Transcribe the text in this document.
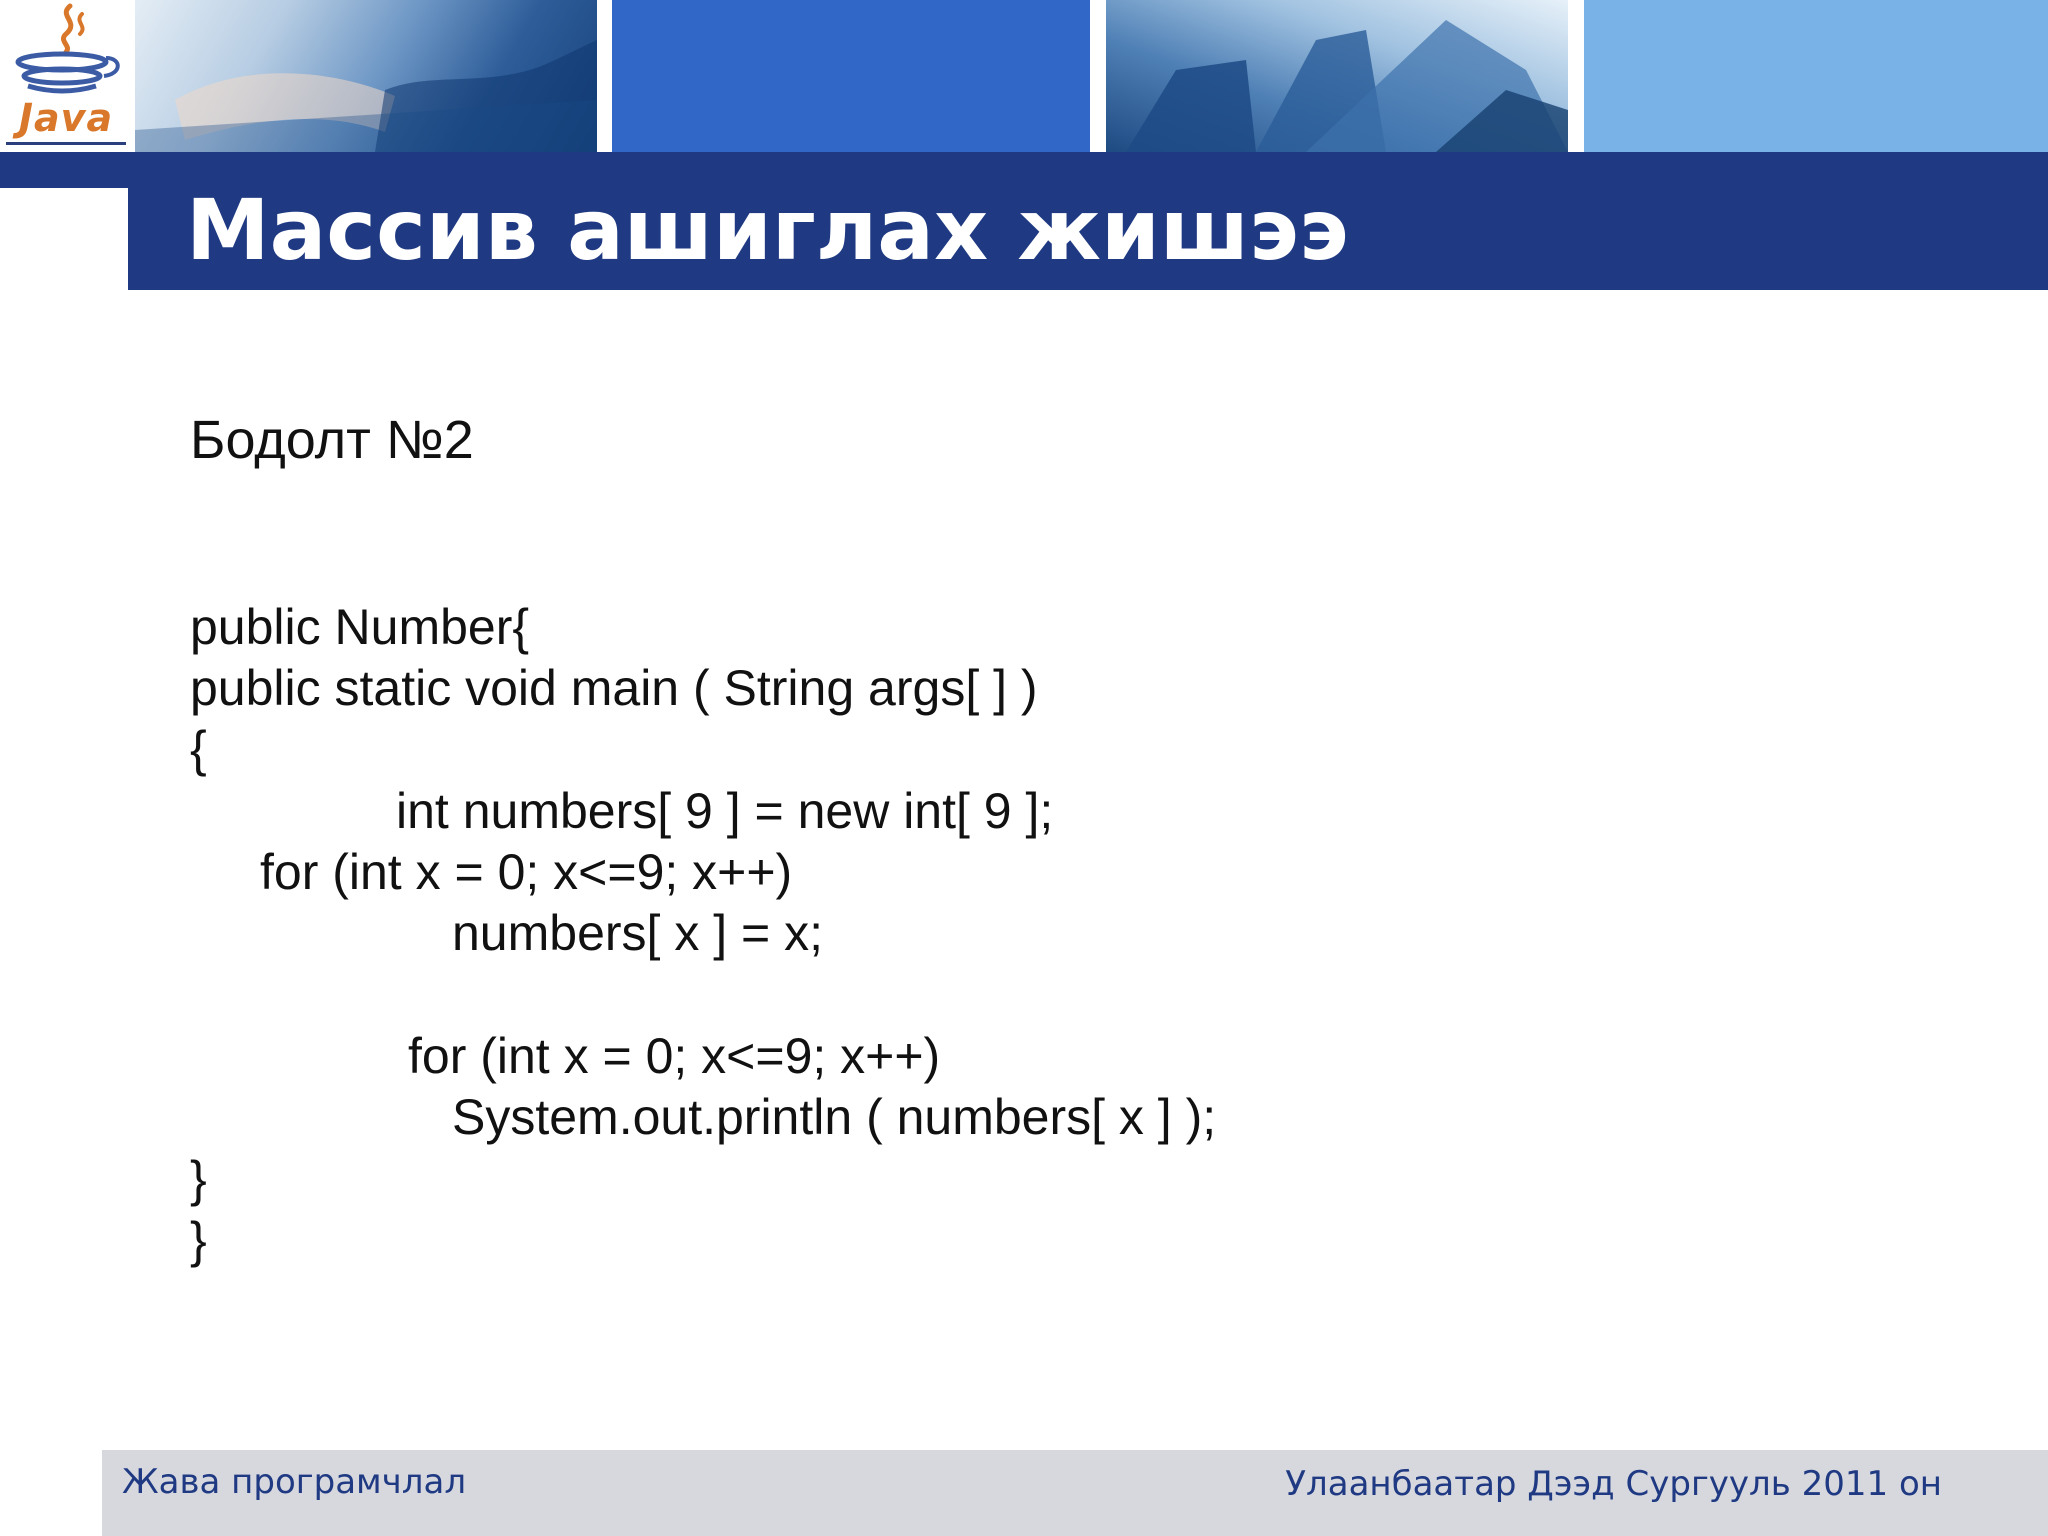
Java
Массив ашиглах жишээ
Бодолт №2
public Number{
public static void main ( String args[ ] )
{
int numbers[ 9 ] = new int[ 9 ];
for (int x = 0; x<=9; x++)
numbers[ x ] = x;
for (int x = 0; x<=9; x++)
System.out.println ( numbers[ x ] );
}
}
Жава програмчлал	Улаанбаатар Дээд Сургууль 2011 он
